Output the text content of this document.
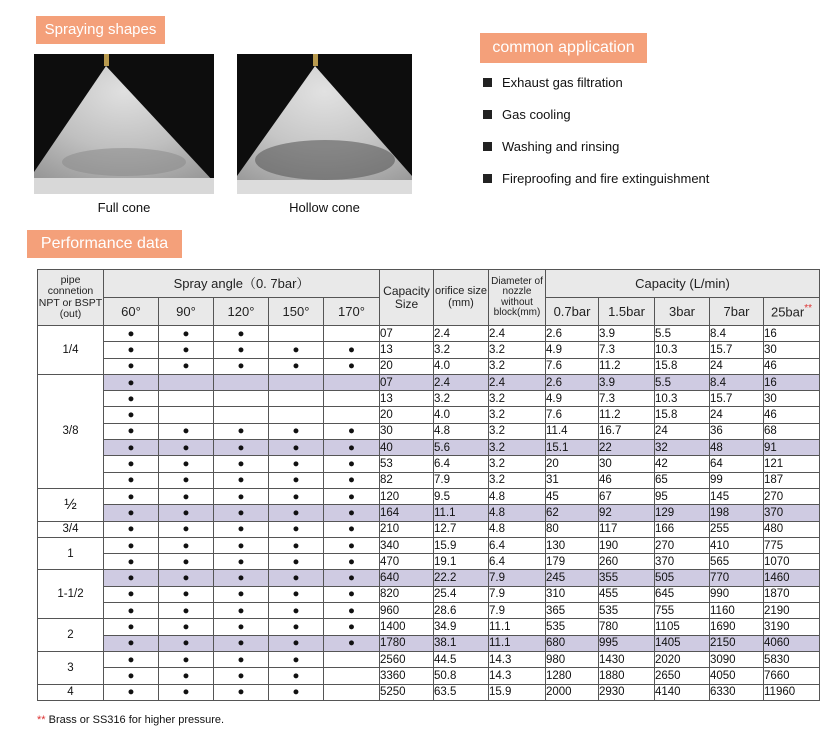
Spraying shapes
Full cone	Hollow cone
common application
Exhaust gas filtration
Gas cooling
Washing and rinsing
Fireproofing and fire extinguishment
Performance data
pipe connetion NPT or BSPT (out)	Spray angle（0. 7bar）					Capacity Size	orifice size (mm)	Diameter of nozzle without block(mm)	Capacity (L/min)				
	60°	90°	120°	150°	170°				0.7bar	1.5bar	3bar	7bar	25bar**
1/4	●	●	●			07	2.4	2.4	2.6	3.9	5.5	8.4	16
	●	●	●	●	●	13	3.2	3.2	4.9	7.3	10.3	15.7	30
	●	●	●	●	●	20	4.0	3.2	7.6	11.2	15.8	24	46
3/8	●					07	2.4	2.4	2.6	3.9	5.5	8.4	16
	●					13	3.2	3.2	4.9	7.3	10.3	15.7	30
	●					20	4.0	3.2	7.6	11.2	15.8	24	46
	●	●	●	●	●	30	4.8	3.2	11.4	16.7	24	36	68
	●	●	●	●	●	40	5.6	3.2	15.1	22	32	48	91
	●	●	●	●	●	53	6.4	3.2	20	30	42	64	121
	●	●	●	●	●	82	7.9	3.2	31	46	65	99	187
½	●	●	●	●	●	120	9.5	4.8	45	67	95	145	270
	●	●	●	●	●	164	11.1	4.8	62	92	129	198	370
3/4	●	●	●	●	●	210	12.7	4.8	80	117	166	255	480
1	●	●	●	●	●	340	15.9	6.4	130	190	270	410	775
	●	●	●	●	●	470	19.1	6.4	179	260	370	565	1070
1-1/2	●	●	●	●	●	640	22.2	7.9	245	355	505	770	1460
	●	●	●	●	●	820	25.4	7.9	310	455	645	990	1870
	●	●	●	●	●	960	28.6	7.9	365	535	755	1160	2190
2	●	●	●	●	●	1400	34.9	11.1	535	780	1105	1690	3190
	●	●	●	●	●	1780	38.1	11.1	680	995	1405	2150	4060
3	●	●	●	●		2560	44.5	14.3	980	1430	2020	3090	5830
	●	●	●	●		3360	50.8	14.3	1280	1880	2650	4050	7660
4	●	●	●	●		5250	63.5	15.9	2000	2930	4140	6330	11960
** Brass or SS316 for higher pressure.
